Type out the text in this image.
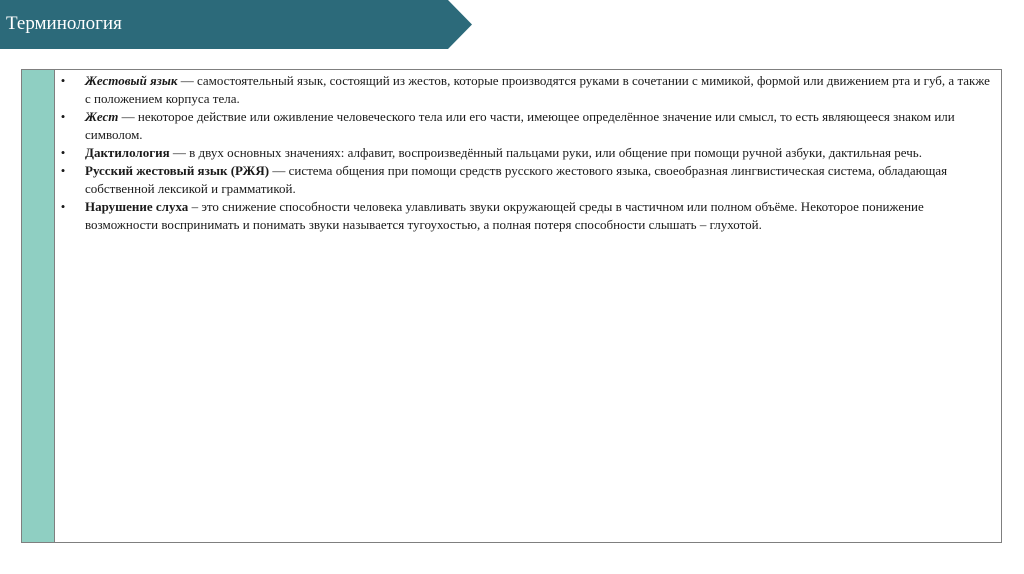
Терминология
• Жестовый язык — самостоятельный язык, состоящий из жестов, которые производятся руками в сочетании с мимикой, формой или движением рта и губ, а также с положением корпуса тела.
• Жест — некоторое действие или оживление человеческого тела или его части, имеющее определённое значение или смысл, то есть являющееся знаком или символом.
• Дактилология — в двух основных значениях: алфавит, воспроизведённый пальцами руки, или общение при помощи ручной азбуки, дактильная речь.
• Русский жестовый язык (РЖЯ) — система общения при помощи средств русского жестового языка, своеобразная лингвистическая система, обладающая собственной лексикой и грамматикой.
• Нарушение слуха – это снижение способности человека улавливать звуки окружающей среды в частичном или полном объёме. Некоторое понижение возможности воспринимать и понимать звуки называется тугоухостью, а полная потеря способности слышать – глухотой.
